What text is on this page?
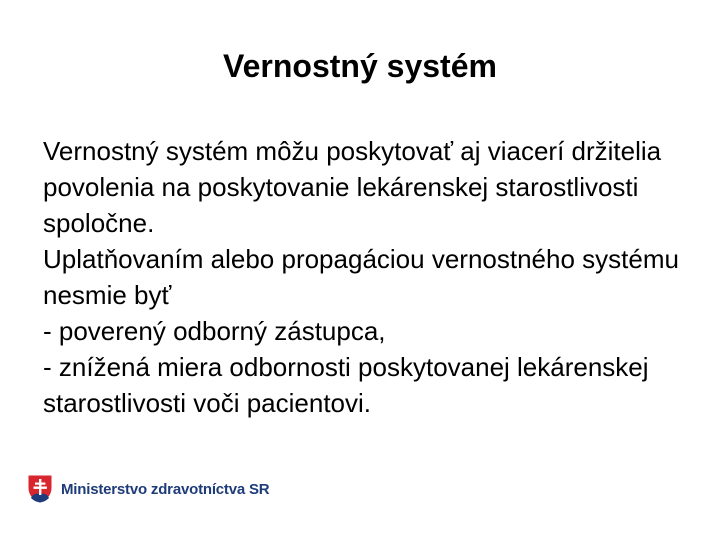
Vernostný systém

Vernostný systém môžu poskytovať aj viacerí držitelia povolenia na poskytovanie lekárenskej starostlivosti spoločne.

Uplatňovaním alebo propagáciou vernostného systému nesmie byť

- poverený odborný zástupca,

- znížená miera odbornosti poskytovanej lekárenskej starostlivosti voči pacientovi.

Ministerstvo zdravotníctva SR
